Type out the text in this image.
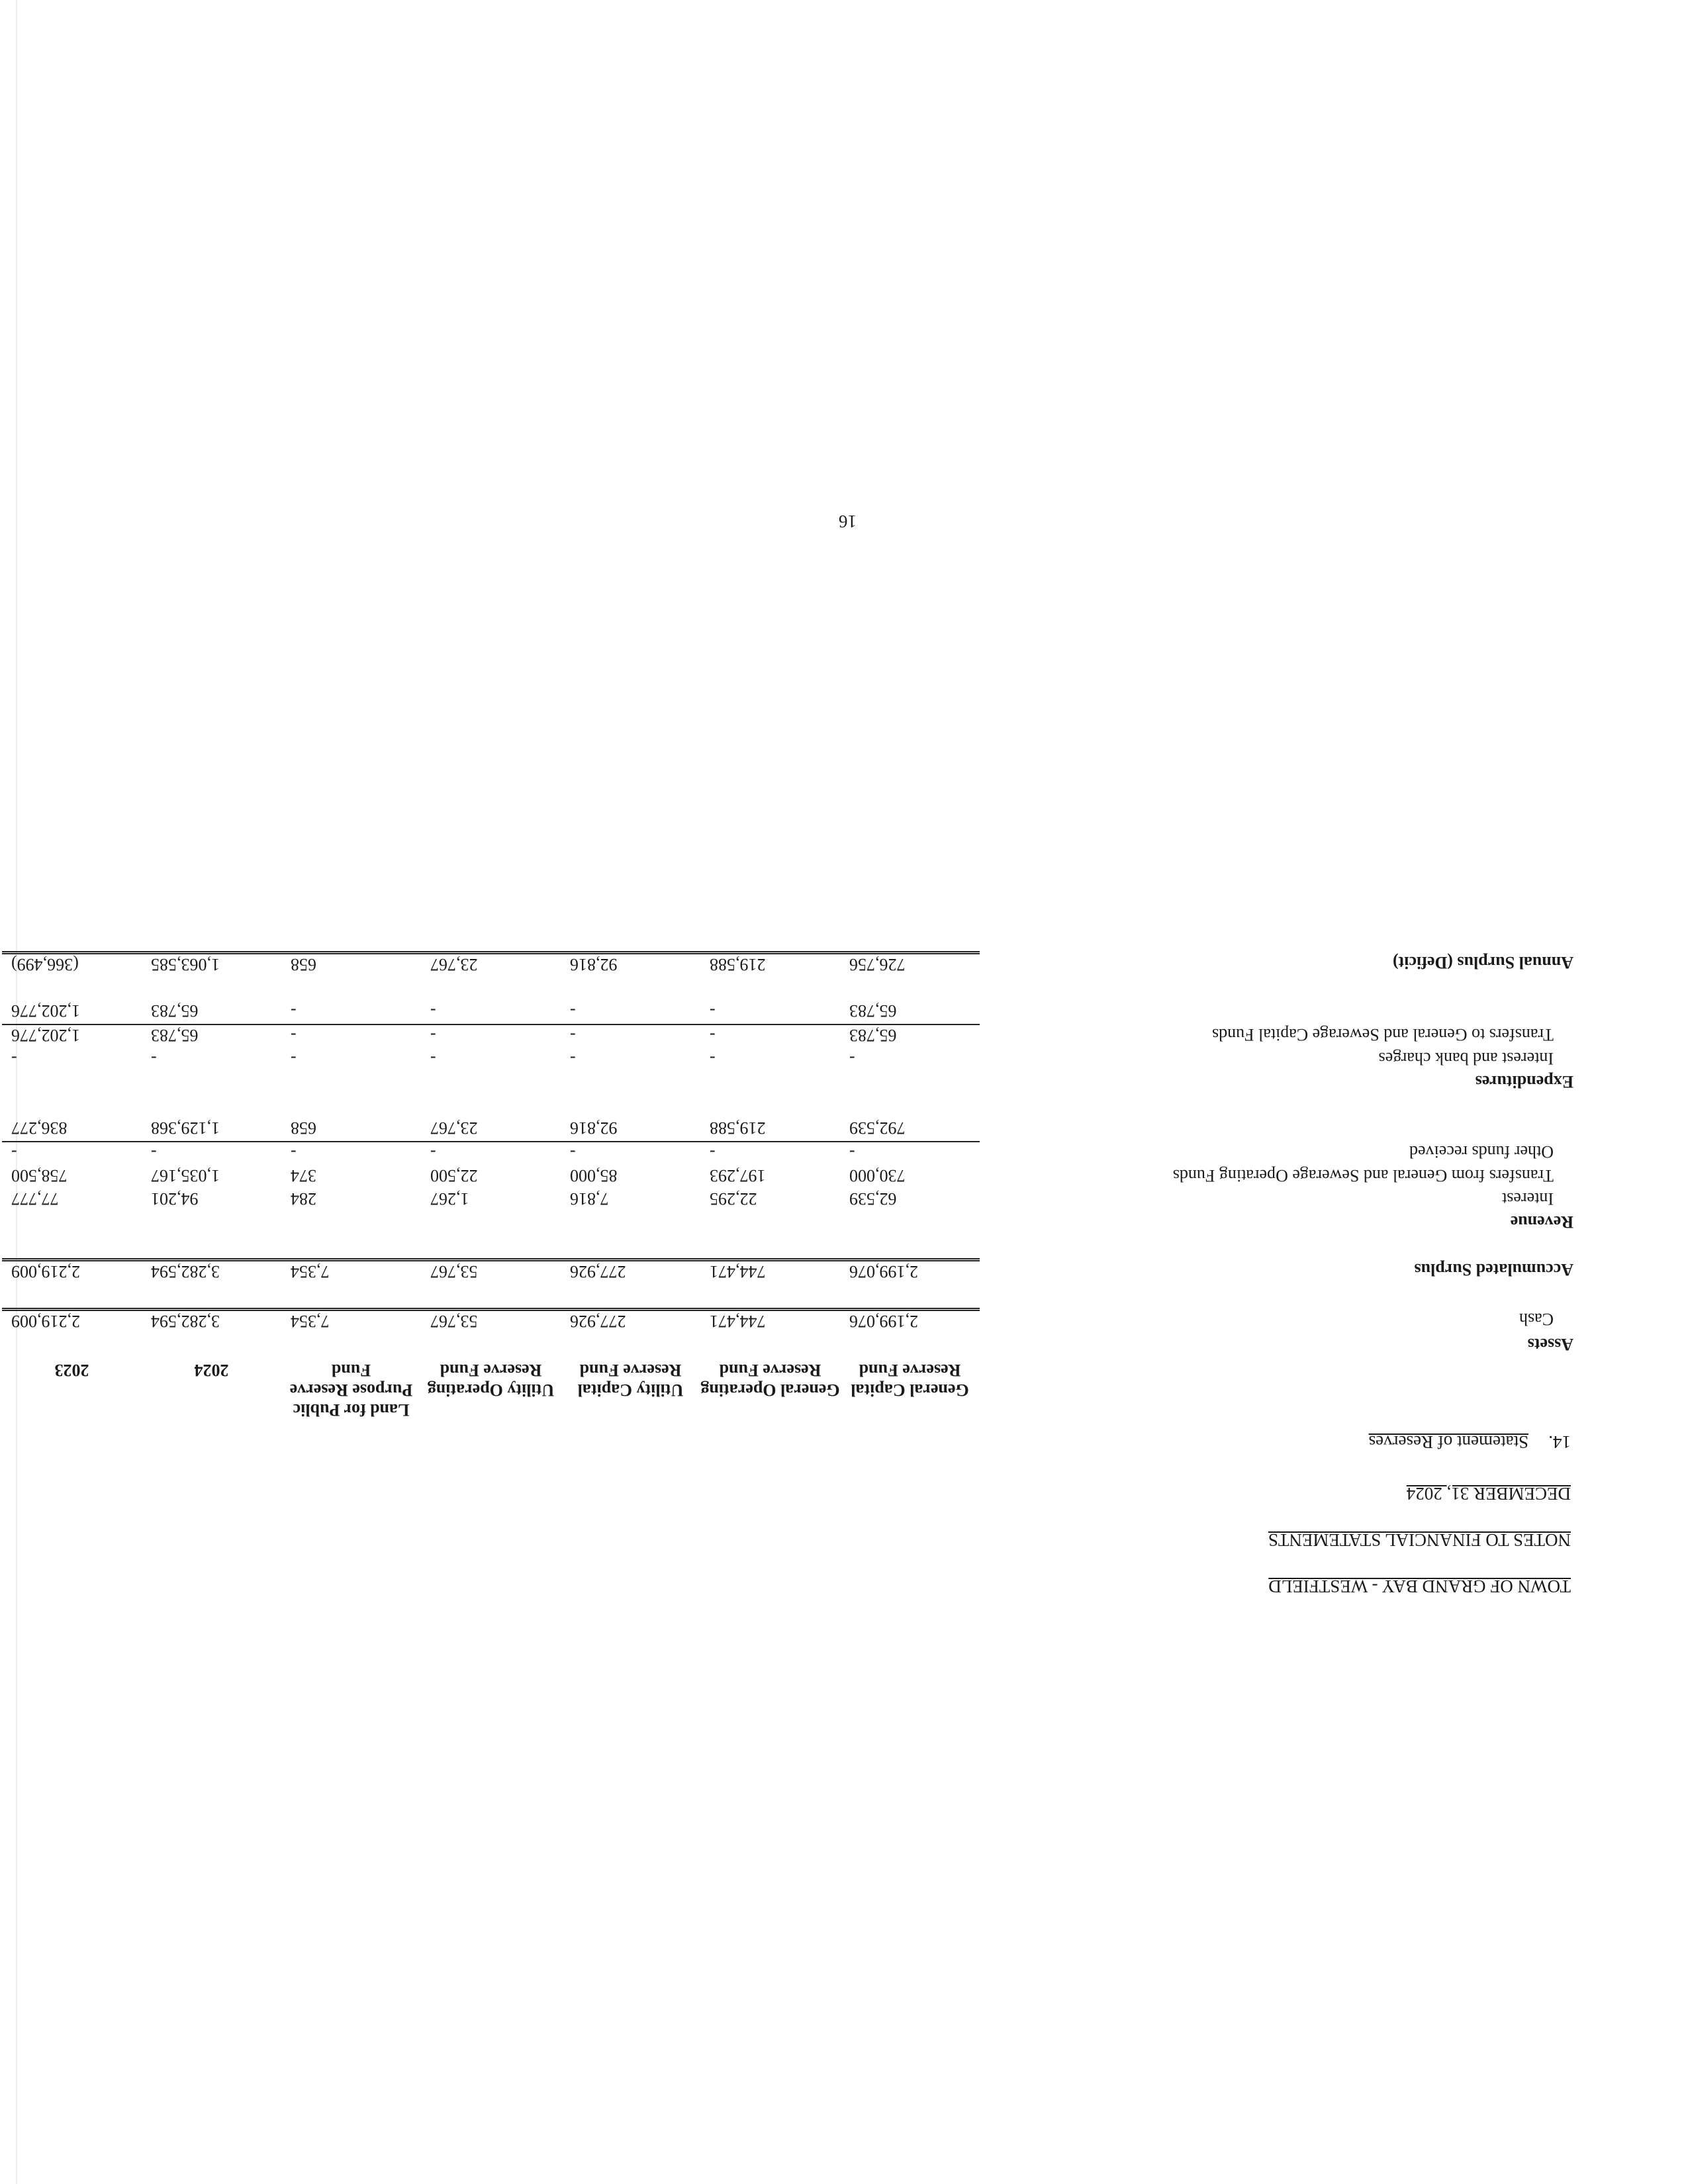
TOWN OF GRAND BAY - WESTFIELD
NOTES TO FINANCIAL STATEMENTS
DECEMBER 31, 2024
14.
Statement of Reserves
	General Capital Reserve Fund	General Operating Reserve Fund	Utility Capital Reserve Fund	Utility Operating Reserve Fund	Land for Public Purpose Reserve Fund	2024	2023
Assets							
Cash	2,199,076	744,471	277,926	53,767	7,354	3,282,594	2,219,009

Accumulated Surplus	2,199,076	744,471	277,926	53,767	7,354	3,282,594	2,219,009

Revenue							
Interest	62,539	22,295	7,816	1,267	284	94,201	77,777
Transfers from General and Sewerage Operating Funds	730,000	197,293	85,000	22,500	374	1,035,167	758,500
Other funds received	-	-	-	-	-	-	-
	792,539	219,588	92,816	23,767	658	1,129,368	836,277

Expenditures							
Interest and bank charges	-	-	-	-	-	-	-
Transfers to General and Sewerage Capital Funds	65,783	-	-	-	-	65,783	1,202,776
	65,783	-	-	-	-	65,783	1,202,776

Annual Surplus (Deficit)	726,756	219,588	92,816	23,767	658	1,063,585	(366,499)
16
